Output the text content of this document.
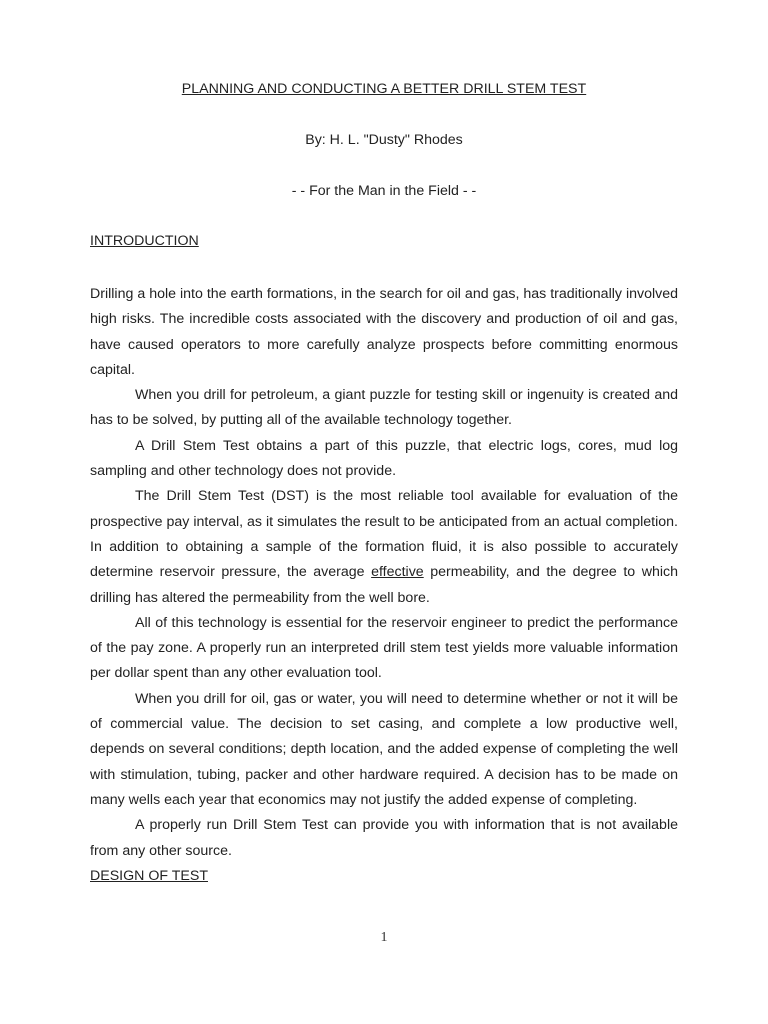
PLANNING AND CONDUCTING A BETTER DRILL STEM TEST
By: H. L. "Dusty" Rhodes
- - For the Man in the Field - -
INTRODUCTION

Drilling a hole into the earth formations, in the search for oil and gas, has traditionally involved high risks. The incredible costs associated with the discovery and production of oil and gas, have caused operators to more carefully analyze prospects before committing enormous capital.

When you drill for petroleum, a giant puzzle for testing skill or ingenuity is created and has to be solved, by putting all of the available technology together.

A Drill Stem Test obtains a part of this puzzle, that electric logs, cores, mud log sampling and other technology does not provide.

The Drill Stem Test (DST) is the most reliable tool available for evaluation of the prospective pay interval, as it simulates the result to be anticipated from an actual completion. In addition to obtaining a sample of the formation fluid, it is also possible to accurately determine reservoir pressure, the average effective permeability, and the degree to which drilling has altered the permeability from the well bore.

All of this technology is essential for the reservoir engineer to predict the performance of the pay zone. A properly run an interpreted drill stem test yields more valuable information per dollar spent than any other evaluation tool.

When you drill for oil, gas or water, you will need to determine whether or not it will be of commercial value. The decision to set casing, and complete a low productive well, depends on several conditions; depth location, and the added expense of completing the well with stimulation, tubing, packer and other hardware required. A decision has to be made on many wells each year that economics may not justify the added expense of completing.

A properly run Drill Stem Test can provide you with information that is not available from any other source.

DESIGN OF TEST
1
